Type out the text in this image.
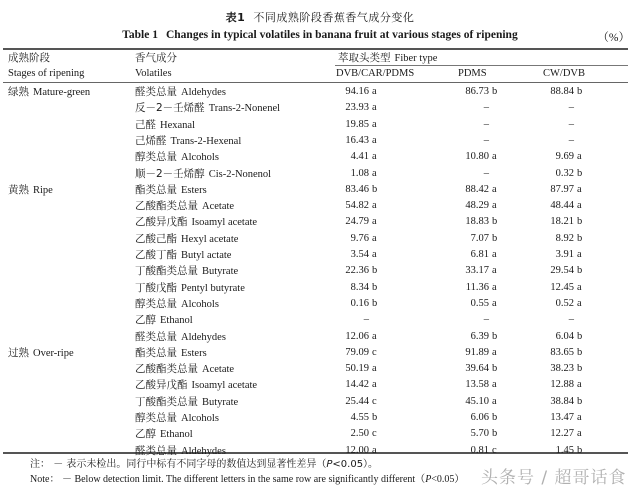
表1 不同成熟阶段香蕉香气成分变化
Table 1 Changes in typical volatiles in banana fruit at various stages of ripening	（%）
成熟阶段
Stages of ripening
香气成分
Volatiles
萃取头类型 Fiber type
DVB/CAR/PDMS	PDMS	CW/DVB
绿熟 Mature-green	醛类总量 Aldehydes	94.16 a	86.73 b	88.84 b
反－2－壬烯醛 Trans-2-Nonenel	23.93 a	–	–
己醛 Hexanal	19.85 a	–	–
己烯醛 Trans-2-Hexenal	16.43 a	–	–
醇类总量 Alcohols	4.41 a	10.80 a	9.69 a
顺－2－壬烯醇 Cis-2-Nonenol	1.08 a	–	0.32 b
黄熟 Ripe	酯类总量 Esters	83.46 b	88.42 a	87.97 a
乙酸酯类总量 Acetate	54.82 a	48.29 a	48.44 a
乙酸异戊酯 Isoamyl acetate	24.79 a	18.83 b	18.21 b
乙酸己酯 Hexyl acetate	9.76 a	7.07 b	8.92 b
乙酸丁酯 Butyl actate	3.54 a	6.81 a	3.91 a
丁酸酯类总量 Butyrate	22.36 b	33.17 a	29.54 b
丁酸戊酯 Pentyl butyrate	8.34 b	11.36 a	12.45 a
醇类总量 Alcohols	0.16 b	0.55 a	0.52 a
乙醇 Ethanol	–	–	–
醛类总量 Aldehydes	12.06 a	6.39 b	6.04 b
过熟 Over-ripe	酯类总量 Esters	79.09 c	91.89 a	83.65 b
乙酸酯类总量 Acetate	50.19 a	39.64 b	38.23 b
乙酸异戊酯 Isoamyl acetate	14.42 a	13.58 a	12.88 a
丁酸酯类总量 Butyrate	25.44 c	45.10 a	38.84 b
醇类总量 Alcohols	4.55 b	6.06 b	13.47 a
乙醇 Ethanol	2.50 c	5.70 b	12.27 a
醛类总量 Aldehydes	12.00 a	0.81 c	1.45 b
注： － 表示未检出。同行中标有不同字母的数值达到显著性差异（P<0.05）。
Note： － Below detection limit. The different letters in the same row are significantly different（P<0.05） 头条号 / 超哥话食
